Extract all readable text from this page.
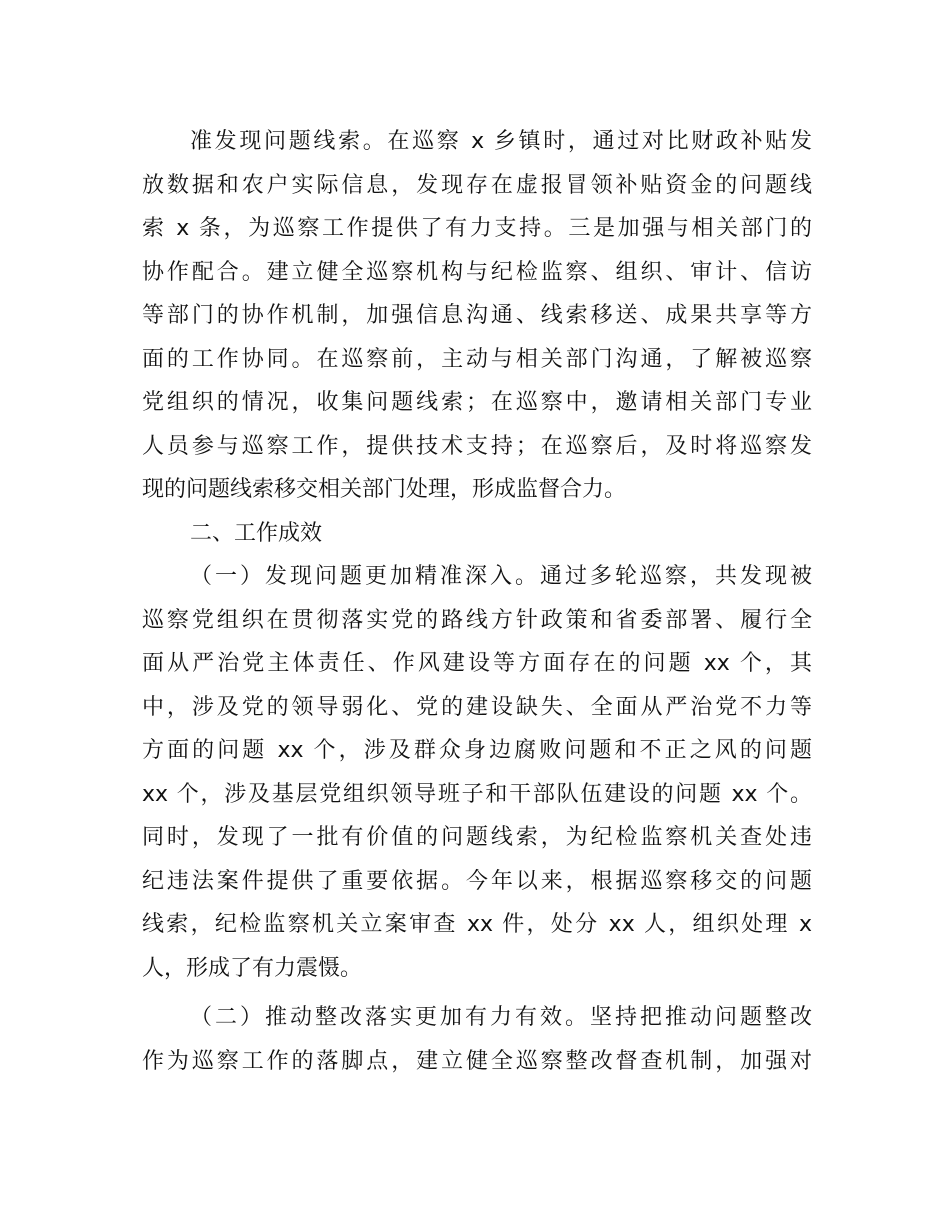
准发现问题线索。在巡察 x 乡镇时，通过对比财政补贴发
放数据和农户实际信息，发现存在虚报冒领补贴资金的问题线
索 x 条，为巡察工作提供了有力支持。三是加强与相关部门的
协作配合。建立健全巡察机构与纪检监察、组织、审计、信访
等部门的协作机制，加强信息沟通、线索移送、成果共享等方
面的工作协同。在巡察前，主动与相关部门沟通，了解被巡察
党组织的情况，收集问题线索；在巡察中，邀请相关部门专业
人员参与巡察工作，提供技术支持；在巡察后，及时将巡察发
现的问题线索移交相关部门处理，形成监督合力。
二、工作成效
（一）发现问题更加精准深入。通过多轮巡察，共发现被
巡察党组织在贯彻落实党的路线方针政策和省委部署、履行全
面从严治党主体责任、作风建设等方面存在的问题 xx 个，其
中，涉及党的领导弱化、党的建设缺失、全面从严治党不力等
方面的问题 xx 个，涉及群众身边腐败问题和不正之风的问题
xx 个，涉及基层党组织领导班子和干部队伍建设的问题 xx 个。
同时，发现了一批有价值的问题线索，为纪检监察机关查处违
纪违法案件提供了重要依据。今年以来，根据巡察移交的问题
线索，纪检监察机关立案审查 xx 件，处分 xx 人，组织处理 x
人，形成了有力震慑。
（二）推动整改落实更加有力有效。坚持把推动问题整改
作为巡察工作的落脚点，建立健全巡察整改督查机制，加强对
